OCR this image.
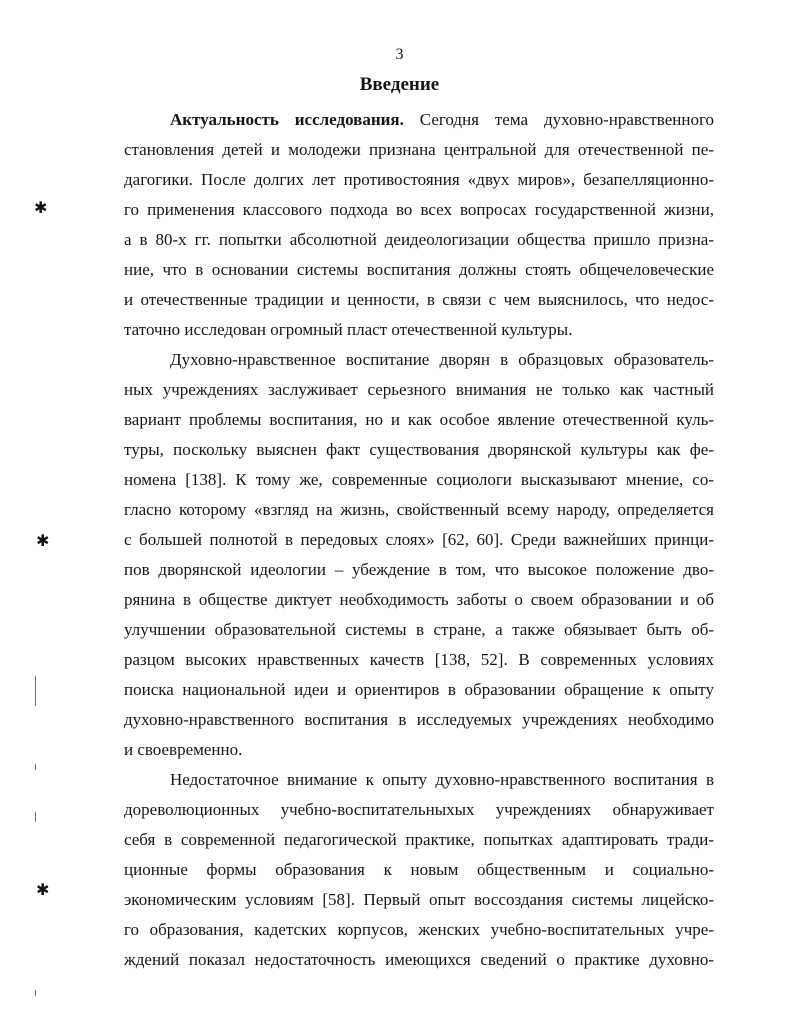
3
Введение
Актуальность исследования. Сегодня тема духовно-нравственного
становления детей и молодежи признана центральной для отечественной пе-
дагогики. После долгих лет противостояния «двух миров», безапелляционно-
го применения классового подхода во всех вопросах государственной жизни,
а в 80-х гг. попытки абсолютной деидеологизации общества пришло призна-
ние, что в основании системы воспитания должны стоять общечеловеческие
и отечественные традиции и ценности, в связи с чем выяснилось, что недос-
таточно исследован огромный пласт отечественной культуры.
Духовно-нравственное воспитание дворян в образцовых образователь-
ных учреждениях заслуживает серьезного внимания не только как частный
вариант проблемы воспитания, но и как особое явление отечественной куль-
туры, поскольку выяснен факт существования дворянской культуры как фе-
номена [138]. К тому же, современные социологи высказывают мнение, со-
гласно которому «взгляд на жизнь, свойственный всему народу, определяется
с большей полнотой в передовых слоях» [62, 60]. Среди важнейших принци-
пов дворянской идеологии – убеждение в том, что высокое положение дво-
рянина в обществе диктует необходимость заботы о своем образовании и об
улучшении образовательной системы в стране, а также обязывает быть об-
разцом высоких нравственных качеств [138, 52]. В современных условиях
поиска национальной идеи и ориентиров в образовании обращение к опыту
духовно-нравственного воспитания в исследуемых учреждениях необходимо
и своевременно.
Недостаточное внимание к опыту духовно-нравственного воспитания в
дореволюционных учебно-воспитательныхых учреждениях обнаруживает
себя в современной педагогической практике, попытках адаптировать тради-
ционные формы образования к новым общественным и социально-
экономическим условиям [58]. Первый опыт воссоздания системы лицейско-
го образования, кадетских корпусов, женских учебно-воспитательных учре-
ждений показал недостаточность имеющихся сведений о практике духовно-
✱
✱
✱
